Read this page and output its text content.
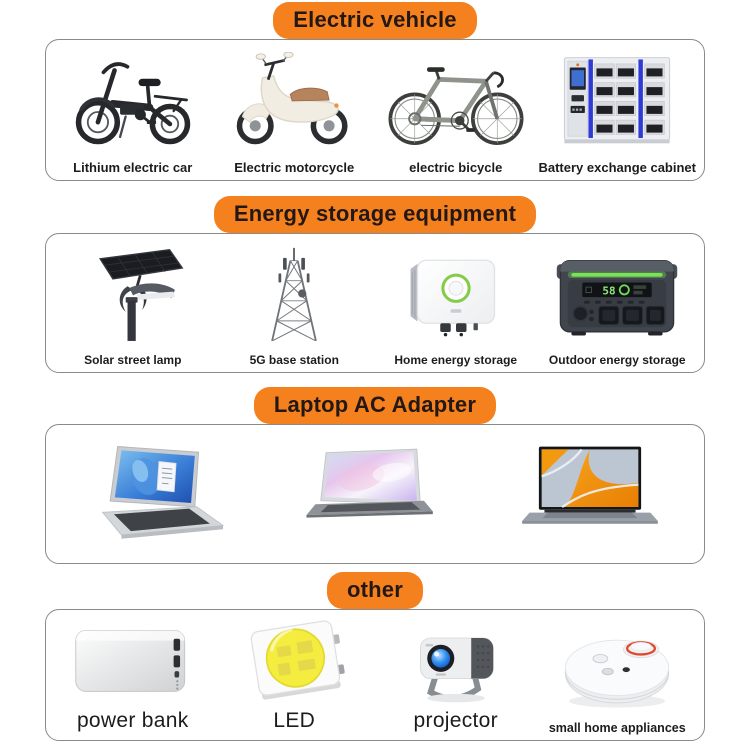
Electric vehicle
Lithium electric car	Electric motorcycle	electric bicycle	Battery exchange cabinet
Energy storage equipment
Solar street lamp	5G base station	Home energy storage
58
Outdoor energy storage
Laptop AC Adapter
other
power bank	LED	projector	small home appliances
